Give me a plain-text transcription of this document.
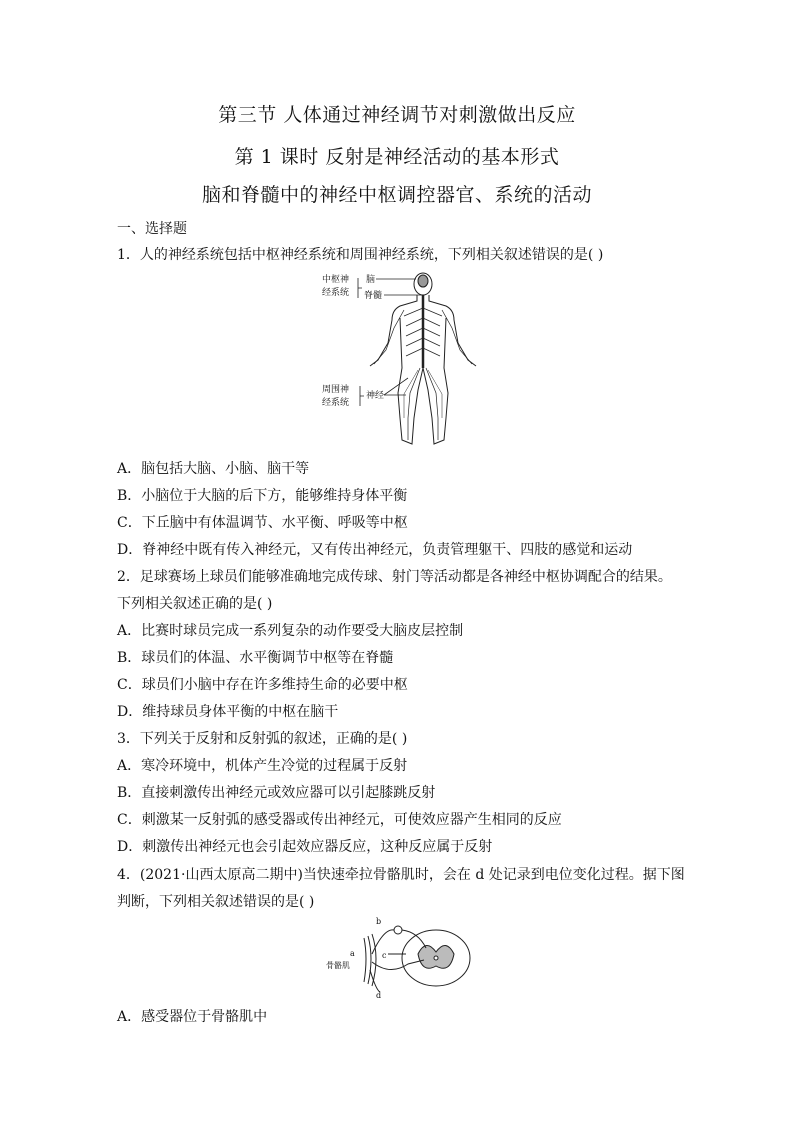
第三节 人体通过神经调节对刺激做出反应
第 1 课时 反射是神经活动的基本形式
脑和脊髓中的神经中枢调控器官、系统的活动
一、选择题
1．人的神经系统包括中枢神经系统和周围神经系统，下列相关叙述错误的是( )
中枢神
经系统
脑
脊髓
周围神
经系统
神经
A．脑包括大脑、小脑、脑干等
B．小脑位于大脑的后下方，能够维持身体平衡
C．下丘脑中有体温调节、水平衡、呼吸等中枢
D．脊神经中既有传入神经元，又有传出神经元，负责管理躯干、四肢的感觉和运动
2．足球赛场上球员们能够准确地完成传球、射门等活动都是各神经中枢协调配合的结果。
下列相关叙述正确的是( )
A．比赛时球员完成一系列复杂的动作要受大脑皮层控制
B．球员们的体温、水平衡调节中枢等在脊髓
C．球员们小脑中存在许多维持生命的必要中枢
D．维持球员身体平衡的中枢在脑干
3．下列关于反射和反射弧的叙述，正确的是( )
A．寒冷环境中，机体产生冷觉的过程属于反射
B．直接刺激传出神经元或效应器可以引起膝跳反射
C．刺激某一反射弧的感受器或传出神经元，可使效应器产生相同的反应
D．刺激传出神经元也会引起效应器反应，这种反应属于反射
4．(2021·山西太原高二期中)当快速牵拉骨骼肌时，会在 d 处记录到电位变化过程。据下图
判断，下列相关叙述错误的是( )
b
a	c
d
骨骼肌
A．感受器位于骨骼肌中
